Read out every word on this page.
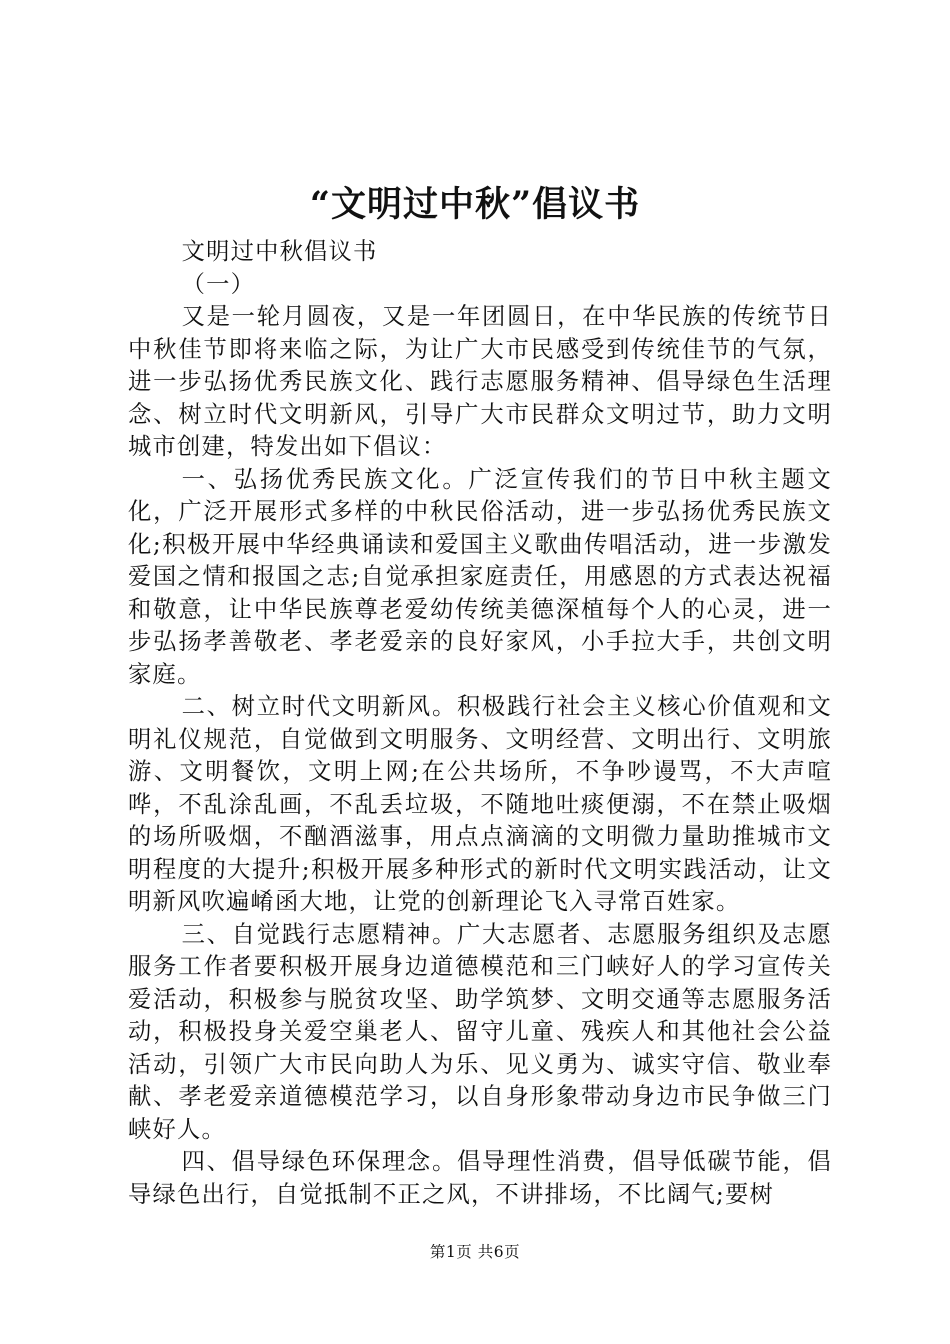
“文明过中秋”倡议书

文明过中秋倡议书

（一）

又是一轮月圆夜，又是一年团圆日，在中华民族的传统节日中秋佳节即将来临之际，为让广大市民感受到传统佳节的气氛，进一步弘扬优秀民族文化、践行志愿服务精神、倡导绿色生活理念、树立时代文明新风，引导广大市民群众文明过节，助力文明城市创建，特发出如下倡议：

一、弘扬优秀民族文化。广泛宣传我们的节日中秋主题文化，广泛开展形式多样的中秋民俗活动，进一步弘扬优秀民族文化;积极开展中华经典诵读和爱国主义歌曲传唱活动，进一步激发爱国之情和报国之志;自觉承担家庭责任，用感恩的方式表达祝福和敬意，让中华民族尊老爱幼传统美德深植每个人的心灵，进一步弘扬孝善敬老、孝老爱亲的良好家风，小手拉大手，共创文明家庭。

二、树立时代文明新风。积极践行社会主义核心价值观和文明礼仪规范，自觉做到文明服务、文明经营、文明出行、文明旅游、文明餐饮，文明上网;在公共场所，不争吵谩骂，不大声喧哗，不乱涂乱画，不乱丢垃圾，不随地吐痰便溺，不在禁止吸烟的场所吸烟，不酗酒滋事，用点点滴滴的文明微力量助推城市文明程度的大提升;积极开展多种形式的新时代文明实践活动，让文明新风吹遍崤函大地，让党的创新理论飞入寻常百姓家。

三、自觉践行志愿精神。广大志愿者、志愿服务组织及志愿服务工作者要积极开展身边道德模范和三门峡好人的学习宣传关爱活动，积极参与脱贫攻坚、助学筑梦、文明交通等志愿服务活动，积极投身关爱空巢老人、留守儿童、残疾人和其他社会公益活动，引领广大市民向助人为乐、见义勇为、诚实守信、敬业奉献、孝老爱亲道德模范学习，以自身形象带动身边市民争做三门峡好人。

四、倡导绿色环保理念。倡导理性消费，倡导低碳节能，倡导绿色出行，自觉抵制不正之风，不讲排场，不比阔气;要树

第1页 共6页
